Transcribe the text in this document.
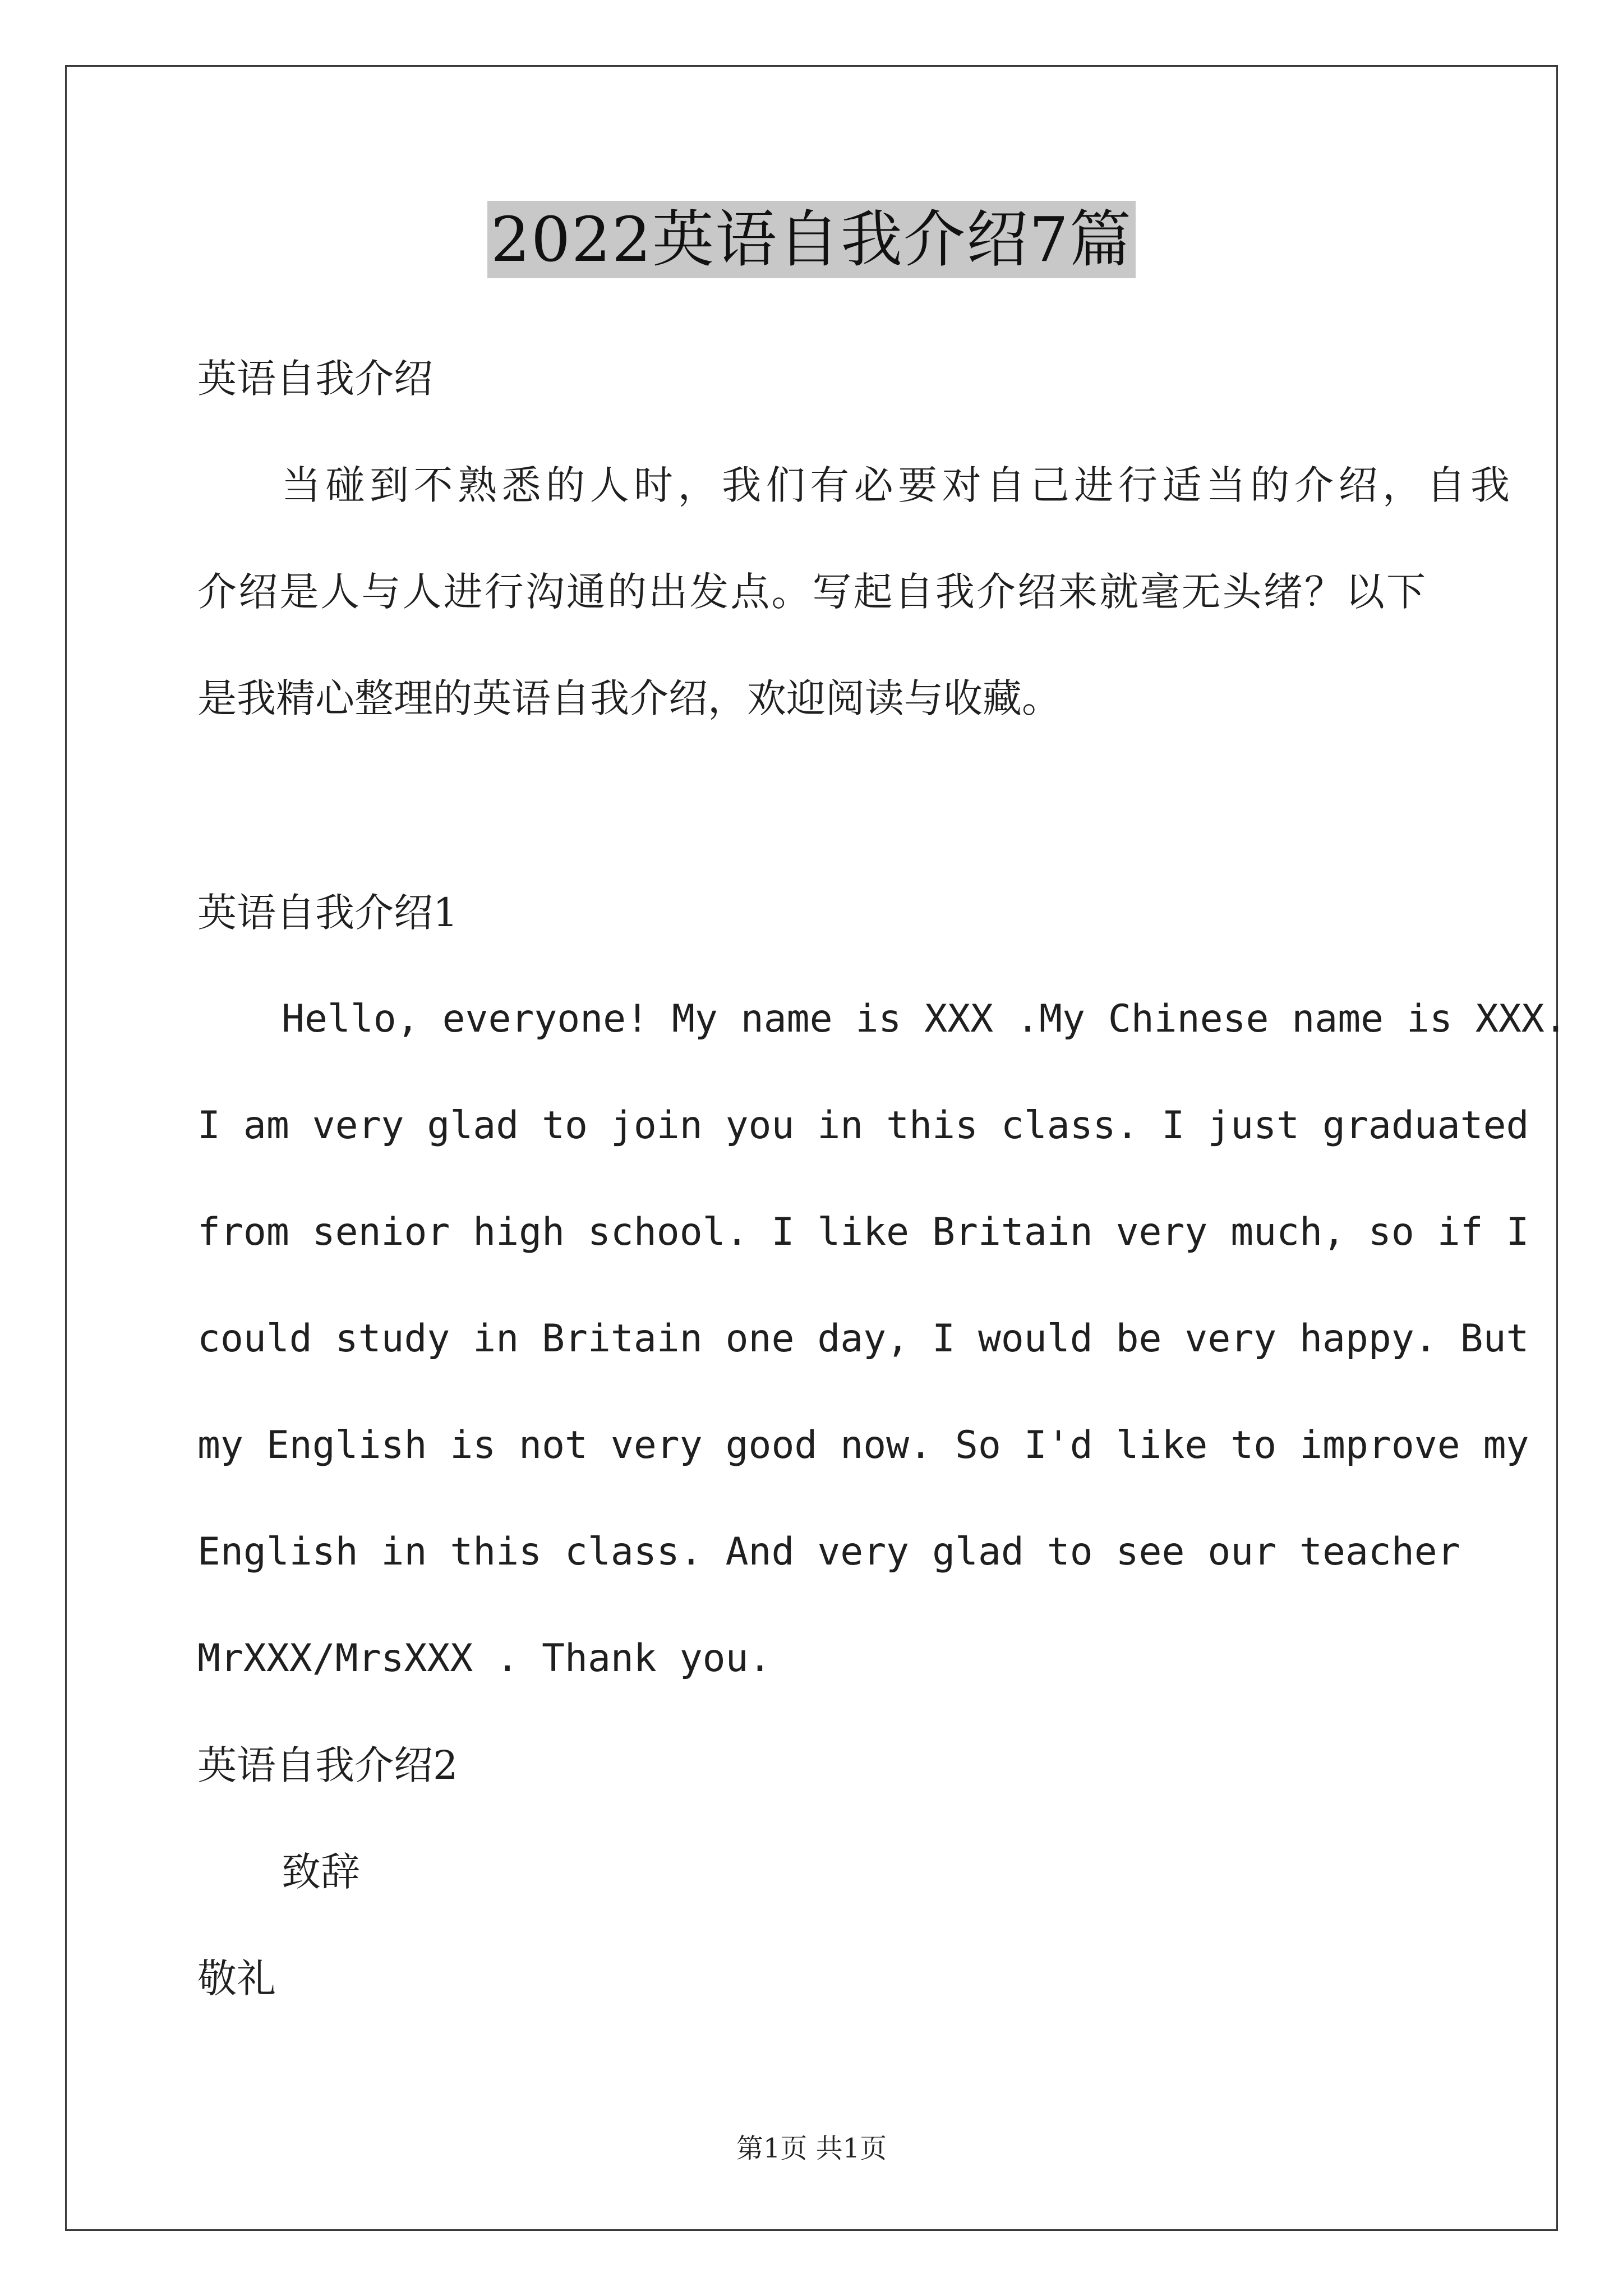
2022英语自我介绍7篇

英语自我介绍

当碰到不熟悉的人时，我们有必要对自己进行适当的介绍，自我

介绍是人与人进行沟通的出发点。写起自我介绍来就毫无头绪？以下

是我精心整理的英语自我介绍，欢迎阅读与收藏。

英语自我介绍1

Hello, everyone! My name is XXX .My Chinese name is XXX.

I am very glad to join you in this class. I just graduated

from senior high school. I like Britain very much, so if I

could study in Britain one day, I would be very happy. But

my English is not very good now. So I'd like to improve my

English in this class. And very glad to see our teacher

MrXXX/MrsXXX . Thank you.

英语自我介绍2

致辞

敬礼

第1页 共1页
